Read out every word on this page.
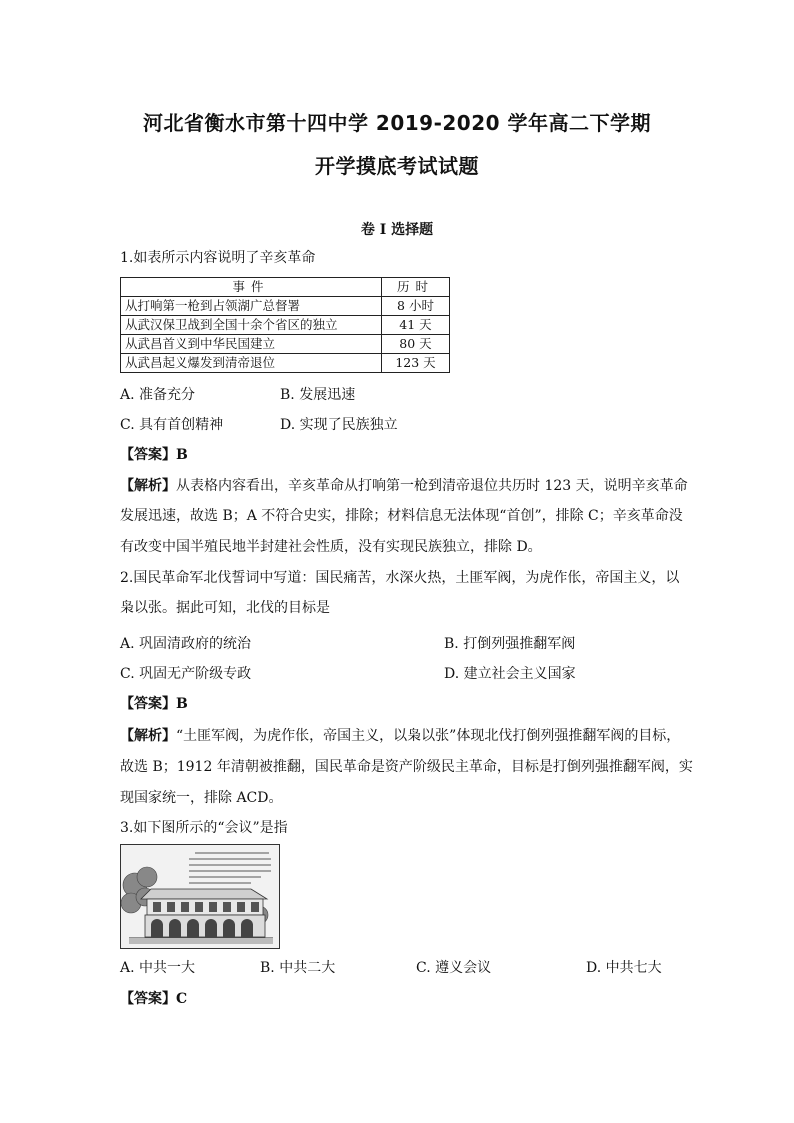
河北省衡水市第十四中学 2019-2020 学年高二下学期
开学摸底考试试题
卷 I 选择题
1.如表所示内容说明了辛亥革命
事件	历时
从打响第一枪到占领湖广总督署	8 小时
从武汉保卫战到全国十余个省区的独立	41 天
从武昌首义到中华民国建立	80 天
从武昌起义爆发到清帝退位	123 天
A. 准备充分	B. 发展迅速
C. 具有首创精神	D. 实现了民族独立
【答案】B
【解析】从表格内容看出，辛亥革命从打响第一枪到清帝退位共历时 123 天，说明辛亥革命
发展迅速，故选 B；A 不符合史实，排除；材料信息无法体现“首创”，排除 C；辛亥革命没
有改变中国半殖民地半封建社会性质，没有实现民族独立，排除 D。
2.国民革命军北伐誓词中写道：国民痛苦，水深火热，土匪军阀，为虎作伥，帝国主义，以
枭以张。据此可知，北伐的目标是
A. 巩固清政府的统治	B. 打倒列强推翻军阀
C. 巩固无产阶级专政	D. 建立社会主义国家
【答案】B
【解析】“土匪军阀，为虎作伥，帝国主义，以枭以张”体现北伐打倒列强推翻军阀的目标，
故选 B；1912 年清朝被推翻，国民革命是资产阶级民主革命，目标是打倒列强推翻军阀，实
现国家统一，排除 ACD。
3.如下图所示的“会议”是指
A. 中共一大	B. 中共二大	C. 遵义会议	D. 中共七大
【答案】C
